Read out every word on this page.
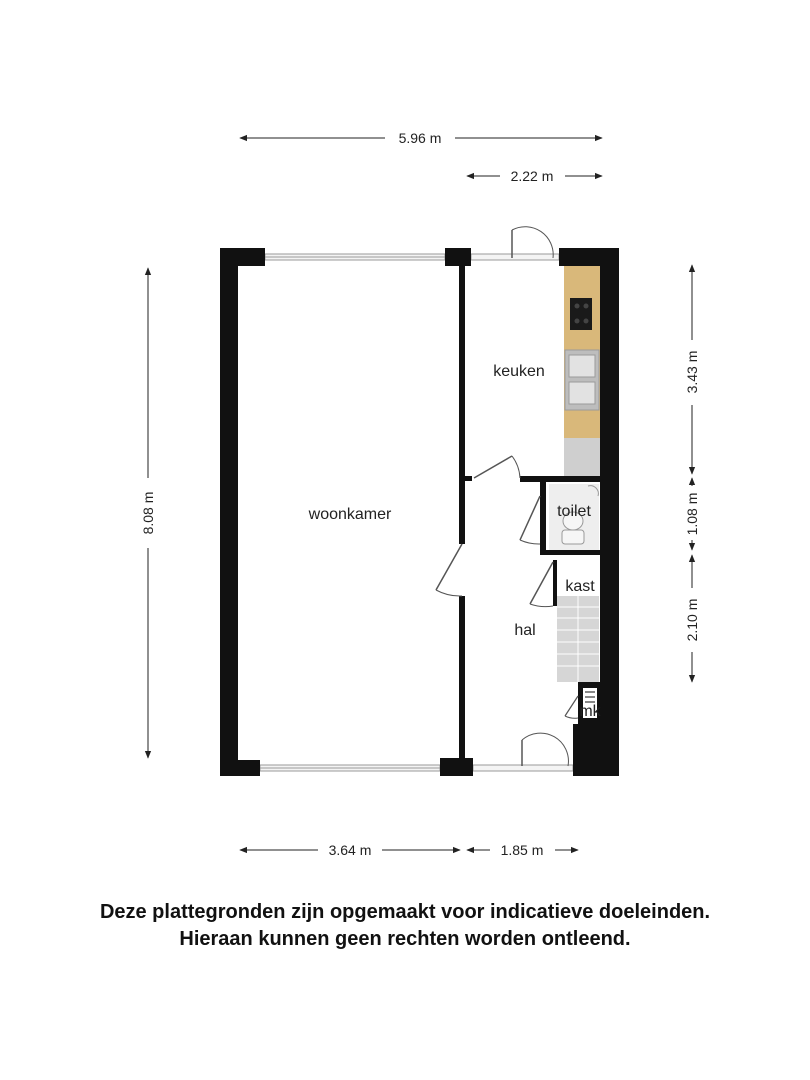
5.96 m
2.22 m
8.08 m
3.43 m
1.08 m
2.10 m
3.64 m	1.85 m
woonkamer
keuken
toilet
kast
hal
mk
Deze plattegronden zijn opgemaakt voor indicatieve doeleinden.
Hieraan kunnen geen rechten worden ontleend.
